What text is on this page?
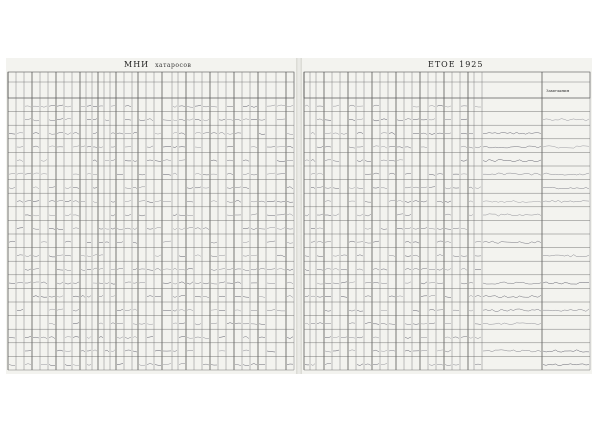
МНИ хатаросов	ЕТОЕ 1925
Замечания
